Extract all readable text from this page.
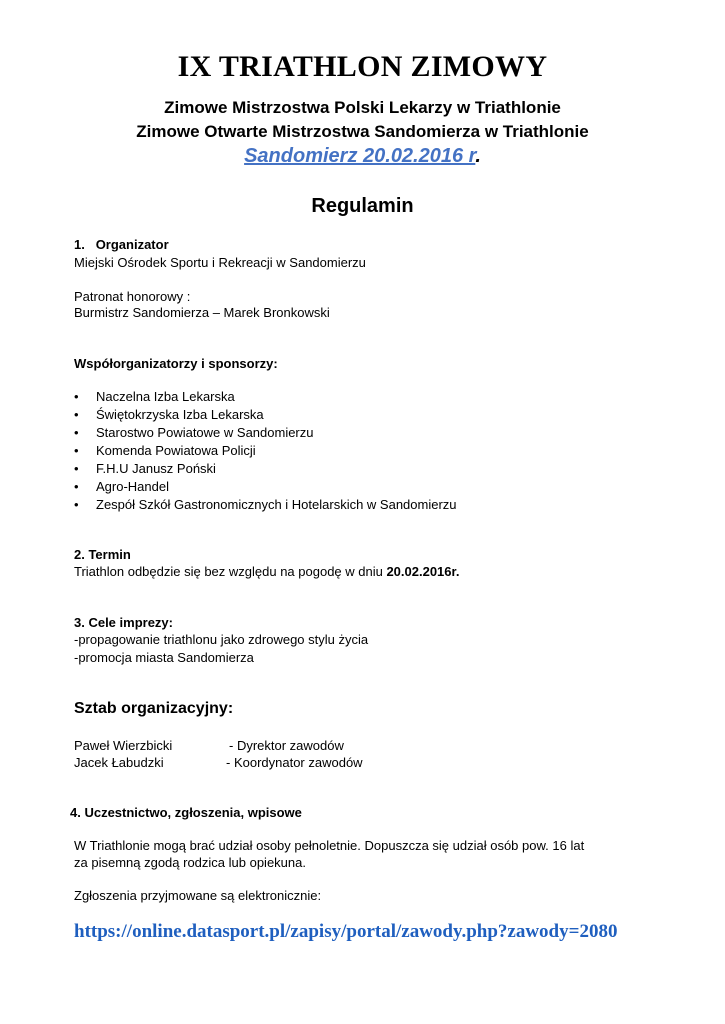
IX TRIATHLON ZIMOWY
Zimowe Mistrzostwa Polski Lekarzy w Triathlonie
Zimowe Otwarte Mistrzostwa Sandomierza w Triathlonie
Sandomierz 20.02.2016 r.
Regulamin
1. Organizator
Miejski Ośrodek Sportu i Rekreacji w Sandomierzu
Patronat honorowy :
Burmistrz Sandomierza – Marek Bronkowski
Współorganizatorzy i sponsorzy:
• Naczelna Izba Lekarska
• Świętokrzyska Izba Lekarska
• Starostwo Powiatowe w Sandomierzu
• Komenda Powiatowa Policji
• F.H.U Janusz Poński
• Agro-Handel
• Zespół Szkół Gastronomicznych i Hotelarskich w Sandomierzu
2. Termin
Triathlon odbędzie się bez względu na pogodę w dniu 20.02.2016r.
3. Cele imprezy:
-propagowanie triathlonu jako zdrowego stylu życia
-promocja miasta Sandomierza
Sztab organizacyjny:
Paweł Wierzbicki	- Dyrektor zawodów
Jacek Łabudzki	- Koordynator zawodów
4. Uczestnictwo, zgłoszenia, wpisowe
W Triathlonie mogą brać udział osoby pełnoletnie. Dopuszcza się udział osób pow. 16 lat
za pisemną zgodą rodzica lub opiekuna.
Zgłoszenia przyjmowane są elektronicznie:
https://online.datasport.pl/zapisy/portal/zawody.php?zawody=2080
